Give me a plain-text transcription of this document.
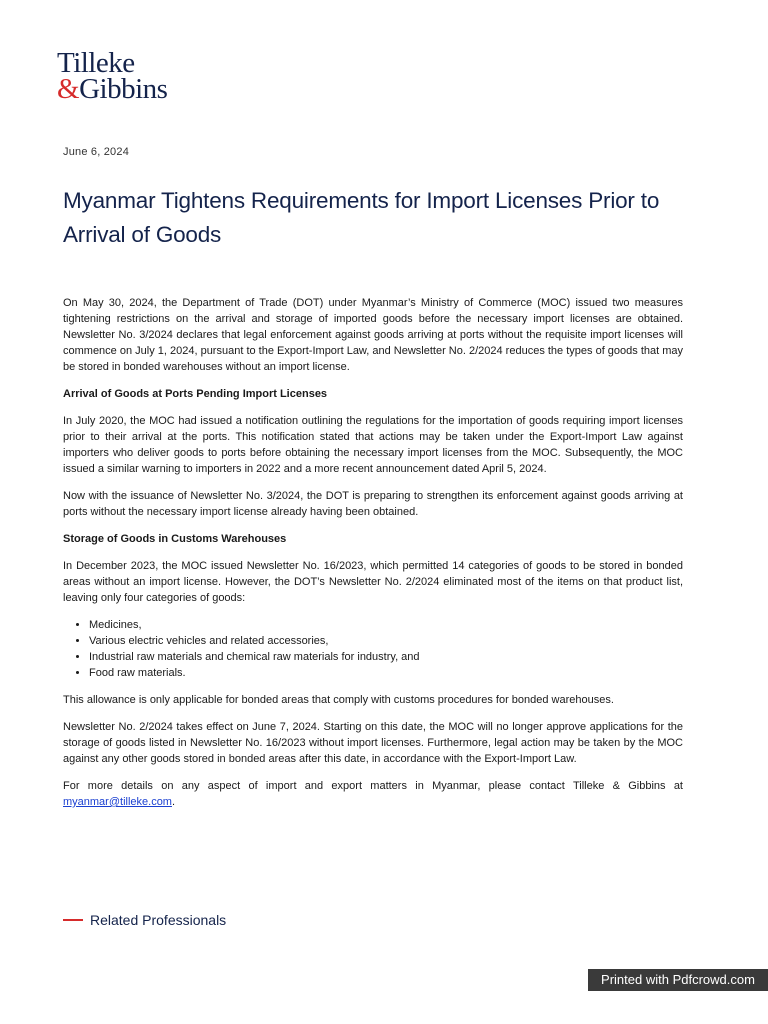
Tilleke
&Gibbins
June 6, 2024
Myanmar Tightens Requirements for Import Licenses Prior to Arrival of Goods

On May 30, 2024, the Department of Trade (DOT) under Myanmar’s Ministry of Commerce (MOC) issued two measures tightening restrictions on the arrival and storage of imported goods before the necessary import licenses are obtained. Newsletter No. 3/2024 declares that legal enforcement against goods arriving at ports without the requisite import licenses will commence on July 1, 2024, pursuant to the Export-Import Law, and Newsletter No. 2/2024 reduces the types of goods that may be stored in bonded warehouses without an import license.

Arrival of Goods at Ports Pending Import Licenses

In July 2020, the MOC had issued a notification outlining the regulations for the importation of goods requiring import licenses prior to their arrival at the ports. This notification stated that actions may be taken under the Export-Import Law against importers who deliver goods to ports before obtaining the necessary import licenses from the MOC. Subsequently, the MOC issued a similar warning to importers in 2022 and a more recent announcement dated April 5, 2024.

Now with the issuance of Newsletter No. 3/2024, the DOT is preparing to strengthen its enforcement against goods arriving at ports without the necessary import license already having been obtained.

Storage of Goods in Customs Warehouses

In December 2023, the MOC issued Newsletter No. 16/2023, which permitted 14 categories of goods to be stored in bonded areas without an import license. However, the DOT’s Newsletter No. 2/2024 eliminated most of the items on that product list, leaving only four categories of goods:

• Medicines,
• Various electric vehicles and related accessories,
• Industrial raw materials and chemical raw materials for industry, and
• Food raw materials.

This allowance is only applicable for bonded areas that comply with customs procedures for bonded warehouses.

Newsletter No. 2/2024 takes effect on June 7, 2024. Starting on this date, the MOC will no longer approve applications for the storage of goods listed in Newsletter No. 16/2023 without import licenses. Furthermore, legal action may be taken by the MOC against any other goods stored in bonded areas after this date, in accordance with the Export-Import Law.

For more details on any aspect of import and export matters in Myanmar, please contact Tilleke & Gibbins at myanmar@tilleke.com.

Related Professionals
Printed with Pdfcrowd.com
